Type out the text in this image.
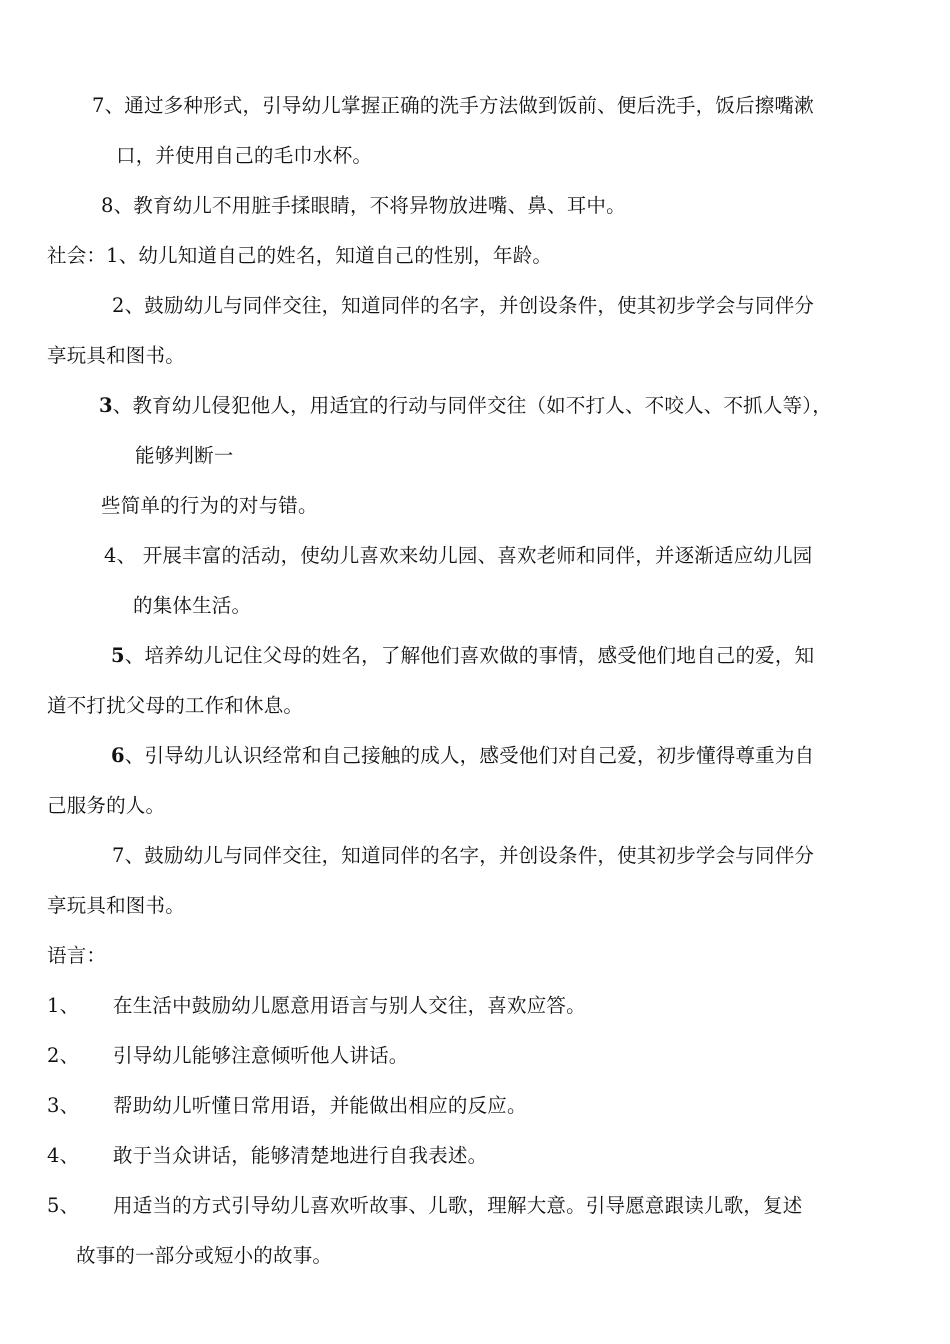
7、通过多种形式，引导幼儿掌握正确的洗手方法做到饭前、便后洗手，饭后擦嘴漱
口，并使用自己的毛巾水杯。
8、教育幼儿不用脏手揉眼睛，不将异物放进嘴、鼻、耳中。
社会：1、幼儿知道自己的姓名，知道自己的性别，年龄。
2、鼓励幼儿与同伴交往，知道同伴的名字，并创设条件，使其初步学会与同伴分
享玩具和图书。
3、教育幼儿侵犯他人，用适宜的行动与同伴交往（如不打人、不咬人、不抓人等），
能够判断一
些简单的行为的对与错。
4、 开展丰富的活动，使幼儿喜欢来幼儿园、喜欢老师和同伴，并逐渐适应幼儿园
的集体生活。
5、培养幼儿记住父母的姓名，了解他们喜欢做的事情，感受他们地自己的爱，知
道不打扰父母的工作和休息。
6、引导幼儿认识经常和自己接触的成人，感受他们对自己爱，初步懂得尊重为自
己服务的人。
7、鼓励幼儿与同伴交往，知道同伴的名字，并创设条件，使其初步学会与同伴分
享玩具和图书。
语言：
1、 在生活中鼓励幼儿愿意用语言与别人交往，喜欢应答。
2、 引导幼儿能够注意倾听他人讲话。
3、 帮助幼儿听懂日常用语，并能做出相应的反应。
4、 敢于当众讲话，能够清楚地进行自我表述。
5、 用适当的方式引导幼儿喜欢听故事、儿歌，理解大意。引导愿意跟读儿歌，复述
故事的一部分或短小的故事。
